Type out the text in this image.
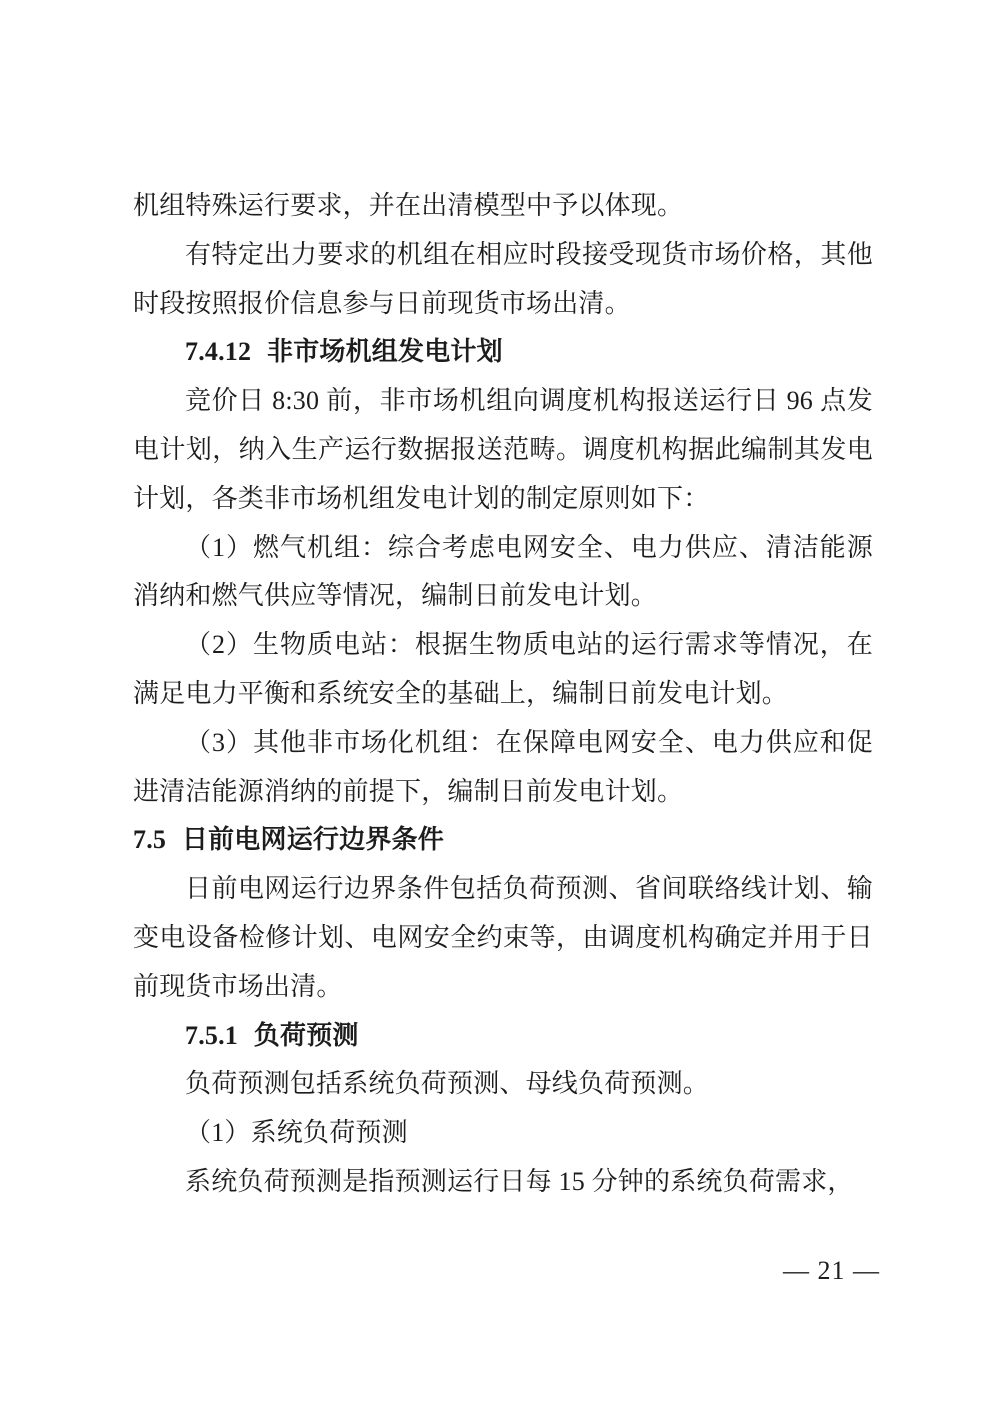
机组特殊运行要求，并在出清模型中予以体现。

有特定出力要求的机组在相应时段接受现货市场价格，其他时段按照报价信息参与日前现货市场出清。

7.4.12 非市场机组发电计划

竞价日 8:30 前，非市场机组向调度机构报送运行日 96 点发电计划，纳入生产运行数据报送范畴。调度机构据此编制其发电计划，各类非市场机组发电计划的制定原则如下：

（1）燃气机组：综合考虑电网安全、电力供应、清洁能源消纳和燃气供应等情况，编制日前发电计划。

（2）生物质电站：根据生物质电站的运行需求等情况，在满足电力平衡和系统安全的基础上，编制日前发电计划。

（3）其他非市场化机组：在保障电网安全、电力供应和促进清洁能源消纳的前提下，编制日前发电计划。

7.5 日前电网运行边界条件

日前电网运行边界条件包括负荷预测、省间联络线计划、输变电设备检修计划、电网安全约束等，由调度机构确定并用于日前现货市场出清。

7.5.1 负荷预测

负荷预测包括系统负荷预测、母线负荷预测。

（1）系统负荷预测

系统负荷预测是指预测运行日每 15 分钟的系统负荷需求，

— 21 —
